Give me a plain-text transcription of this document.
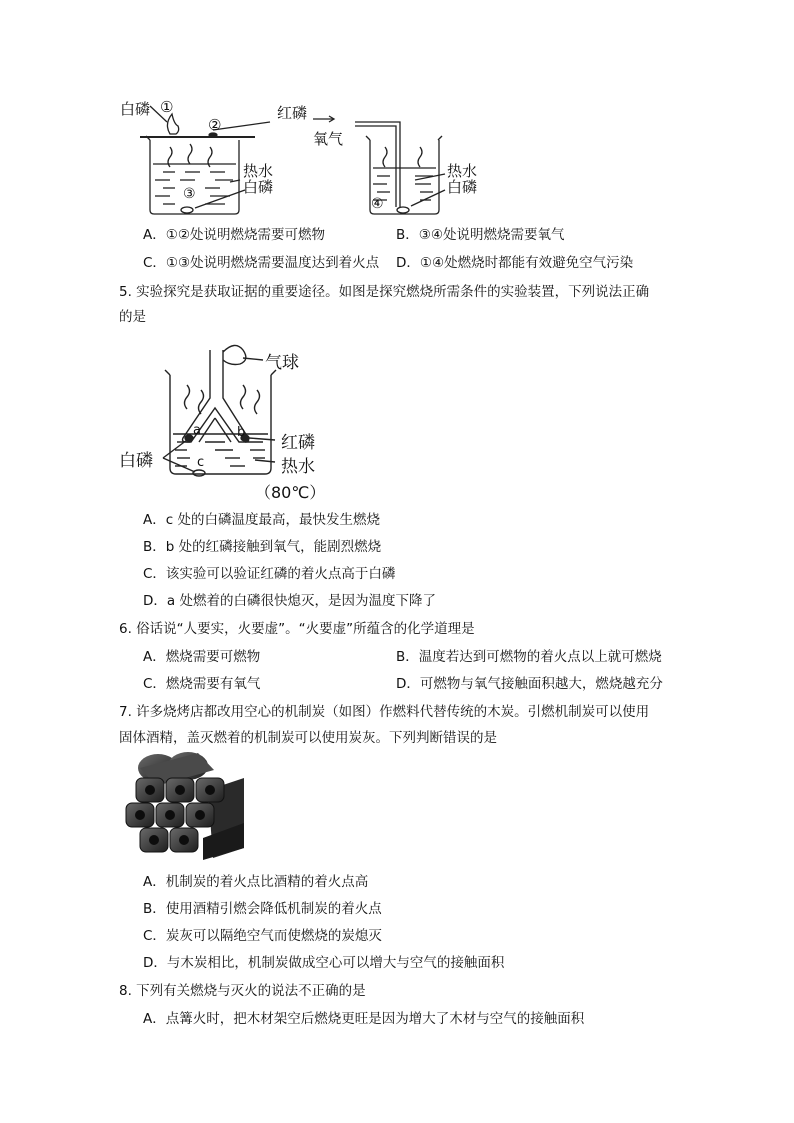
白磷 ①
②
红磷
热水
白磷
③
氧气
热水
白磷
④
A．①②处说明燃烧需要可燃物	B．③④处说明燃烧需要氧气
C．①③处说明燃烧需要温度达到着火点 D．①④处燃烧时都能有效避免空气污染
5. 实验探究是获取证据的重要途径。如图是探究燃烧所需条件的实验装置，下列说法正确
的是
气球
红磷
白磷	热水
（80℃）
a	b
c
A．c 处的白磷温度最高，最快发生燃烧
B．b 处的红磷接触到氧气，能剧烈燃烧
C．该实验可以验证红磷的着火点高于白磷
D．a 处燃着的白磷很快熄灭，是因为温度下降了
6. 俗话说“人要实，火要虚”。“火要虚”所蕴含的化学道理是
A．燃烧需要可燃物	B．温度若达到可燃物的着火点以上就可燃烧
C．燃烧需要有氧气	D．可燃物与氧气接触面积越大，燃烧越充分
7. 许多烧烤店都改用空心的机制炭（如图）作燃料代替传统的木炭。引燃机制炭可以使用
固体酒精，盖灭燃着的机制炭可以使用炭灰。下列判断错误的是
A．机制炭的着火点比酒精的着火点高
B．使用酒精引燃会降低机制炭的着火点
C．炭灰可以隔绝空气而使燃烧的炭熄灭
D．与木炭相比，机制炭做成空心可以增大与空气的接触面积
8. 下列有关燃烧与灭火的说法不正确的是
A．点篝火时，把木材架空后燃烧更旺是因为增大了木材与空气的接触面积
